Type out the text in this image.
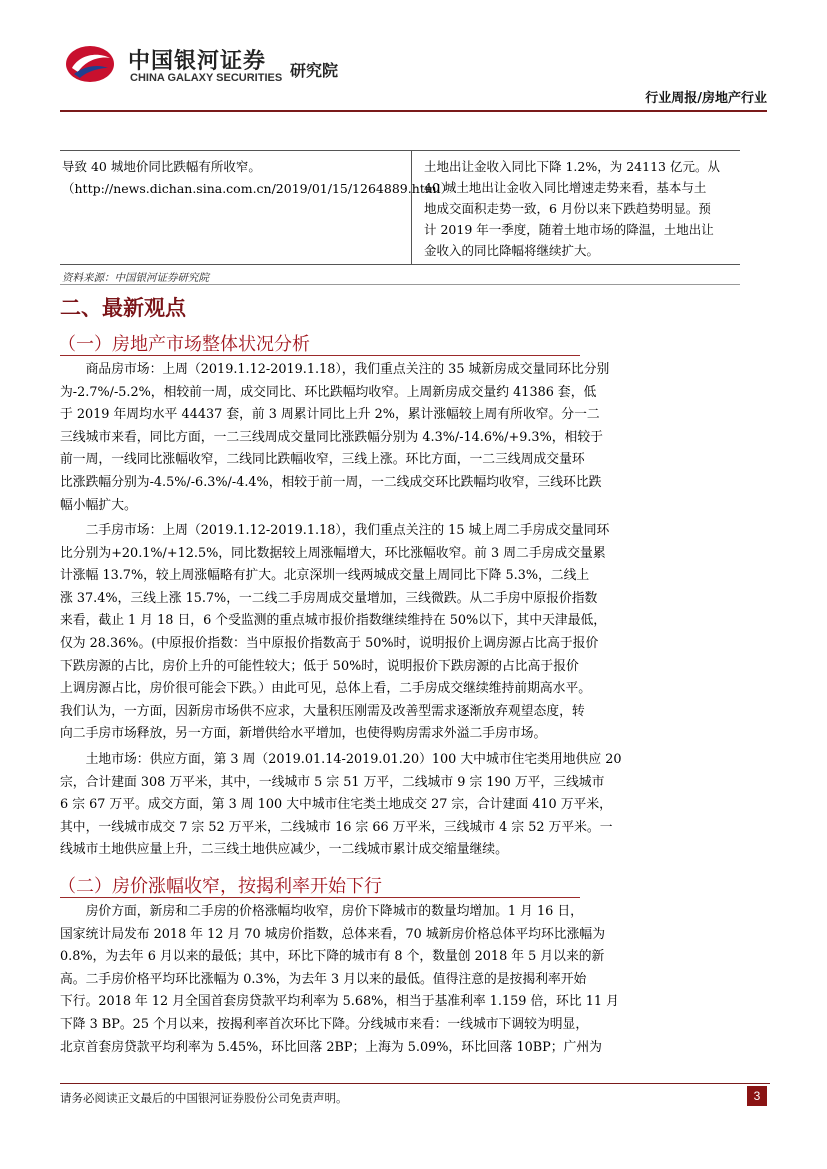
中国银河证券
CHINA GALAXY SECURITIES 研究院
行业周报/房地产行业
导致 40 城地价同比跌幅有所收窄。
（http://news.dichan.sina.com.cn/2019/01/15/1264889.html）
土地出让金收入同比下降 1.2%，为 24113 亿元。从
40 城土地出让金收入同比增速走势来看，基本与土
地成交面积走势一致，6 月份以来下跌趋势明显。预
计 2019 年一季度，随着土地市场的降温，土地出让
金收入的同比降幅将继续扩大。
资料来源：中国银河证券研究院
二、最新观点
（一）房地产市场整体状况分析
　　商品房市场：上周（2019.1.12-2019.1.18），我们重点关注的 35 城新房成交量同环比分别
为-2.7%/-5.2%，相较前一周，成交同比、环比跌幅均收窄。上周新房成交量约 41386 套，低
于 2019 年周均水平 44437 套，前 3 周累计同比上升 2%，累计涨幅较上周有所收窄。分一二
三线城市来看，同比方面，一二三线周成交量同比涨跌幅分别为 4.3%/-14.6%/+9.3%，相较于
前一周，一线同比涨幅收窄，二线同比跌幅收窄，三线上涨。环比方面，一二三线周成交量环
比涨跌幅分别为-4.5%/-6.3%/-4.4%，相较于前一周，一二线成交环比跌幅均收窄，三线环比跌
幅小幅扩大。
　　二手房市场：上周（2019.1.12-2019.1.18），我们重点关注的 15 城上周二手房成交量同环
比分别为+20.1%/+12.5%，同比数据较上周涨幅增大，环比涨幅收窄。前 3 周二手房成交量累
计涨幅 13.7%，较上周涨幅略有扩大。北京深圳一线两城成交量上周同比下降 5.3%，二线上
涨 37.4%，三线上涨 15.7%，一二线二手房周成交量增加，三线微跌。从二手房中原报价指数
来看，截止 1 月 18 日，6 个受监测的重点城市报价指数继续维持在 50%以下，其中天津最低，
仅为 28.36%。(中原报价指数：当中原报价指数高于 50%时，说明报价上调房源占比高于报价
下跌房源的占比，房价上升的可能性较大；低于 50%时，说明报价下跌房源的占比高于报价
上调房源占比，房价很可能会下跌。）由此可见，总体上看，二手房成交继续维持前期高水平。
我们认为，一方面，因新房市场供不应求，大量积压刚需及改善型需求逐渐放弃观望态度，转
向二手房市场释放，另一方面，新增供给水平增加，也使得购房需求外溢二手房市场。
　　土地市场：供应方面，第 3 周（2019.01.14-2019.01.20）100 大中城市住宅类用地供应 20
宗，合计建面 308 万平米，其中，一线城市 5 宗 51 万平，二线城市 9 宗 190 万平，三线城市
6 宗 67 万平。成交方面，第 3 周 100 大中城市住宅类土地成交 27 宗，合计建面 410 万平米，
其中，一线城市成交 7 宗 52 万平米，二线城市 16 宗 66 万平米，三线城市 4 宗 52 万平米。一
线城市土地供应量上升，二三线土地供应减少，一二线城市累计成交缩量继续。
（二）房价涨幅收窄，按揭利率开始下行
　　房价方面，新房和二手房的价格涨幅均收窄，房价下降城市的数量均增加。1 月 16 日，
国家统计局发布 2018 年 12 月 70 城房价指数，总体来看，70 城新房价格总体平均环比涨幅为
0.8%，为去年 6 月以来的最低；其中，环比下降的城市有 8 个，数量创 2018 年 5 月以来的新
高。二手房价格平均环比涨幅为 0.3%，为去年 3 月以来的最低。值得注意的是按揭利率开始
下行。2018 年 12 月全国首套房贷款平均利率为 5.68%，相当于基准利率 1.159 倍，环比 11 月
下降 3 BP。25 个月以来，按揭利率首次环比下降。分线城市来看：一线城市下调较为明显，
北京首套房贷款平均利率为 5.45%，环比回落 2BP；上海为 5.09%，环比回落 10BP；广州为
请务必阅读正文最后的中国银河证券股份公司免责声明。	3
